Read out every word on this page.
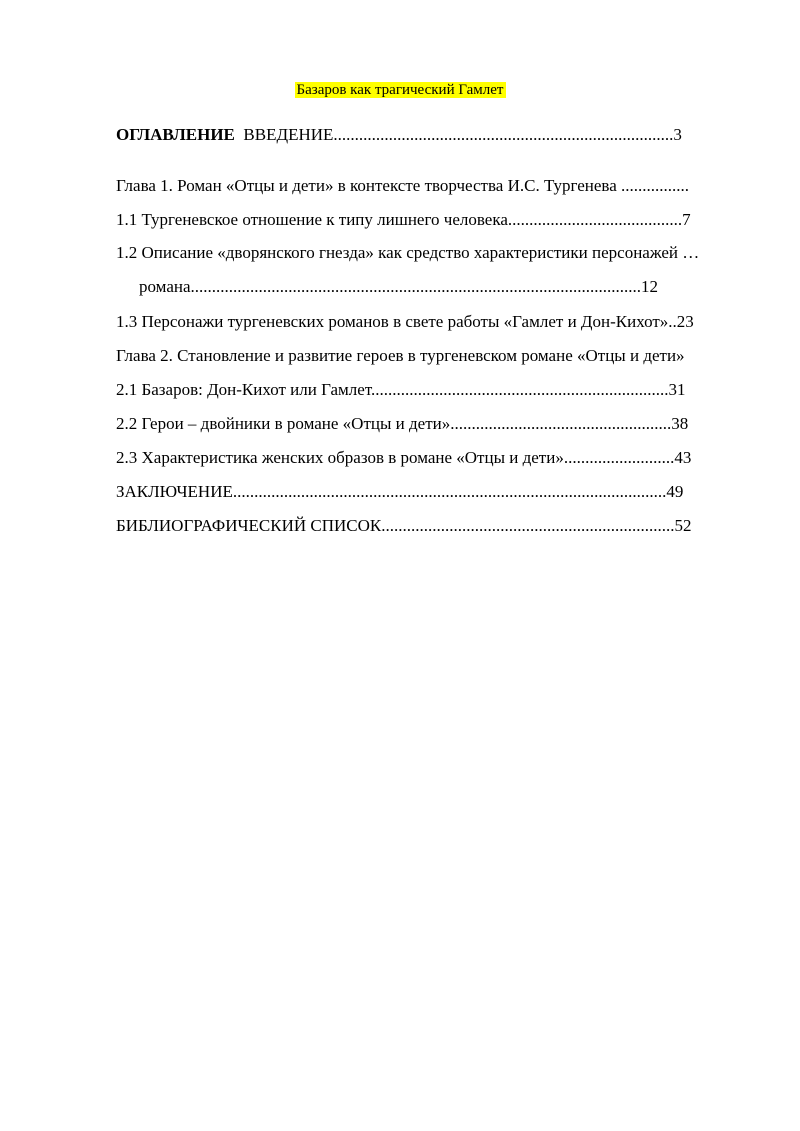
Базаров как трагический Гамлет
ОГЛАВЛЕНИЕ ВВЕДЕНИЕ................................................................................3
Глава 1. Роман «Отцы и дети» в контексте творчества И.С. Тургенева ................
1.1 Тургеневское отношение к типу лишнего человека.........................................7
1.2 Описание «дворянского гнезда» как средство характеристики персонажей …
романа..........................................................................................................12
1.3 Персонажи тургеневских романов в свете работы «Гамлет и Дон-Кихот»..23
Глава 2. Становление и развитие героев в тургеневском романе «Отцы и дети»
2.1 Базаров: Дон-Кихот или Гамлет......................................................................31
2.2 Герои – двойники в романе «Отцы и дети»....................................................38
2.3 Характеристика женских образов в романе «Отцы и дети»..........................43
ЗАКЛЮЧЕНИЕ......................................................................................................49
БИБЛИОГРАФИЧЕСКИЙ СПИСОК.....................................................................52
